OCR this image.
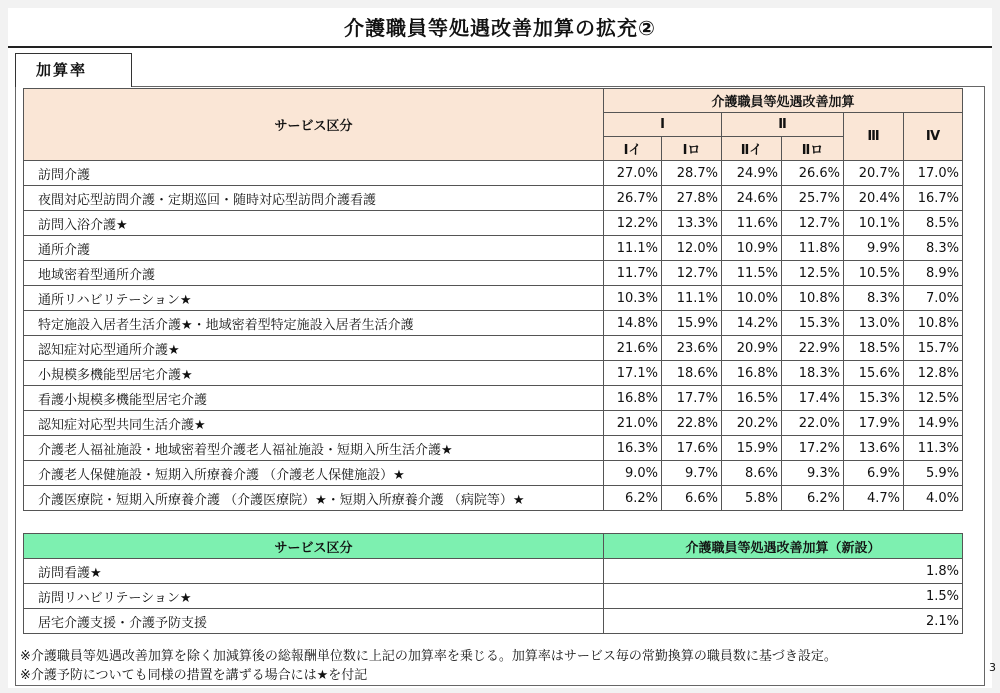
介護職員等処遇改善加算の拡充②
加算率
サービス区分	介護職員等処遇改善加算					
	Ⅰ		Ⅱ		Ⅲ	Ⅳ
	Ⅰイ	Ⅰロ	Ⅱイ	Ⅱロ		
訪問介護	27.0%	28.7%	24.9%	26.6%	20.7%	17.0%
夜間対応型訪問介護・定期巡回・随時対応型訪問介護看護	26.7%	27.8%	24.6%	25.7%	20.4%	16.7%
訪問入浴介護★	12.2%	13.3%	11.6%	12.7%	10.1%	8.5%
通所介護	11.1%	12.0%	10.9%	11.8%	9.9%	8.3%
地域密着型通所介護	11.7%	12.7%	11.5%	12.5%	10.5%	8.9%
通所リハビリテーション★	10.3%	11.1%	10.0%	10.8%	8.3%	7.0%
特定施設入居者生活介護★・地域密着型特定施設入居者生活介護	14.8%	15.9%	14.2%	15.3%	13.0%	10.8%
認知症対応型通所介護★	21.6%	23.6%	20.9%	22.9%	18.5%	15.7%
小規模多機能型居宅介護★	17.1%	18.6%	16.8%	18.3%	15.6%	12.8%
看護小規模多機能型居宅介護	16.8%	17.7%	16.5%	17.4%	15.3%	12.5%
認知症対応型共同生活介護★	21.0%	22.8%	20.2%	22.0%	17.9%	14.9%
介護老人福祉施設・地域密着型介護老人福祉施設・短期入所生活介護★	16.3%	17.6%	15.9%	17.2%	13.6%	11.3%
介護老人保健施設・短期入所療養介護 （介護老人保健施設）★	9.0%	9.7%	8.6%	9.3%	6.9%	5.9%
介護医療院・短期入所療養介護 （介護医療院）★・短期入所療養介護 （病院等）★	6.2%	6.6%	5.8%	6.2%	4.7%	4.0%
サービス区分	介護職員等処遇改善加算（新設）
訪問看護★	1.8%
訪問リハビリテーション★	1.5%
居宅介護支援・介護予防支援	2.1%
※介護職員等処遇改善加算を除く加減算後の総報酬単位数に上記の加算率を乗じる。加算率はサービス毎の常勤換算の職員数に基づき設定。
※介護予防についても同様の措置を講ずる場合には★を付記
3
